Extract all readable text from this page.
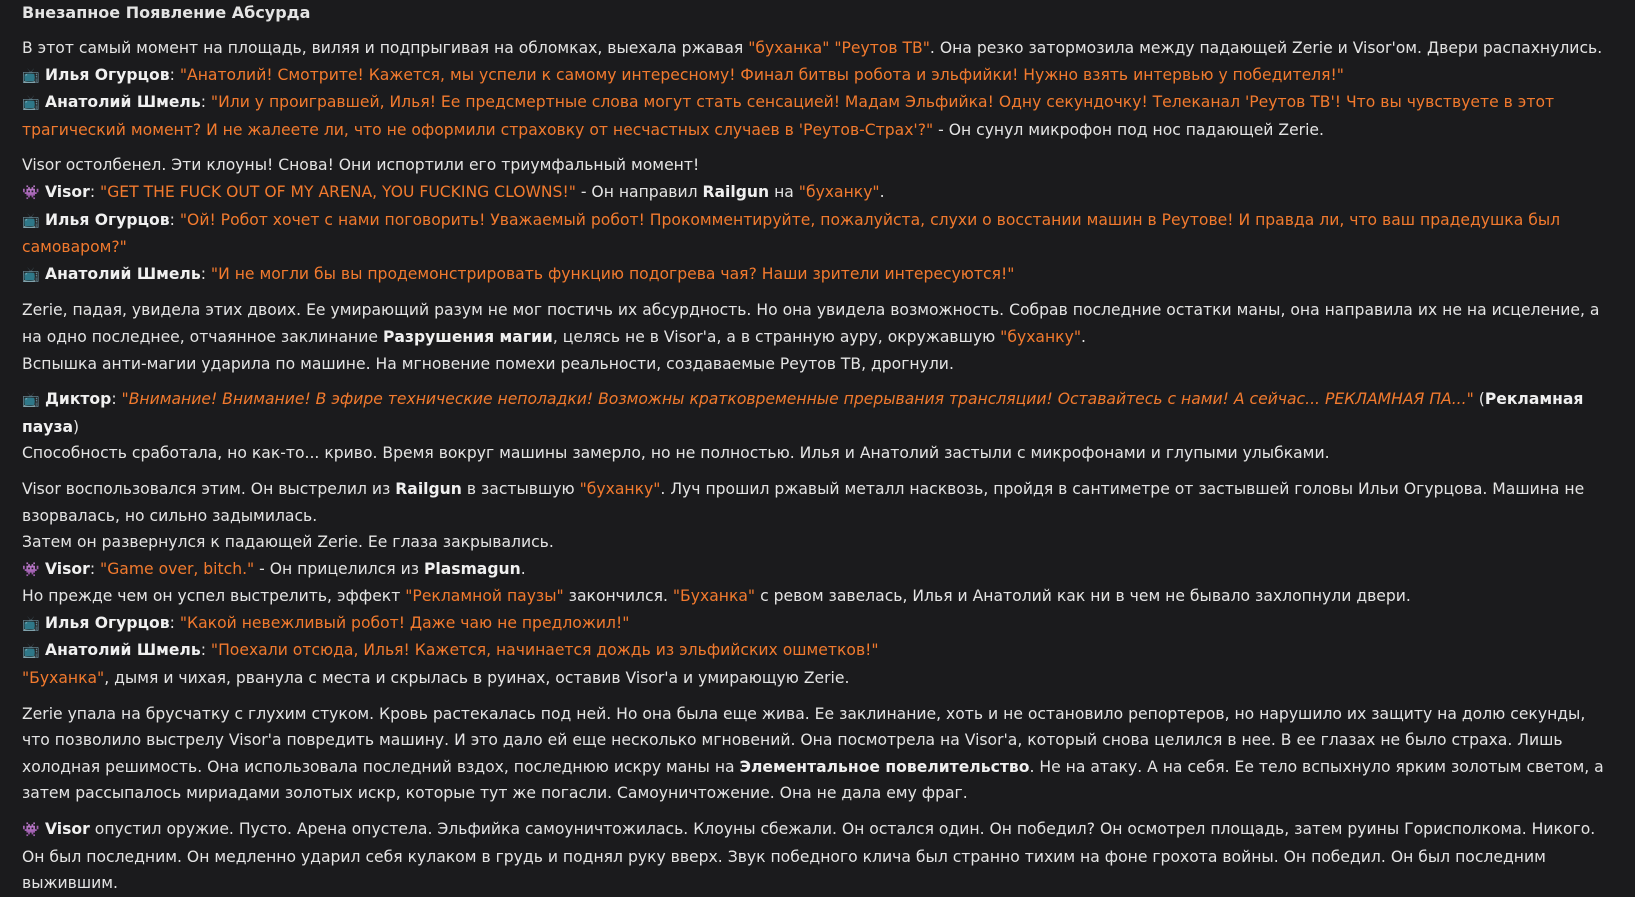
Внезапное Появление Абсурда

В этот самый момент на площадь, виляя и подпрыгивая на обломках, выехала ржавая "буханка" "Реутов ТВ". Она резко затормозила между падающей Zerie и Visor'ом. Двери распахнулись.
📺 Илья Огурцов: "Анатолий! Смотрите! Кажется, мы успели к самому интересному! Финал битвы робота и эльфийки! Нужно взять интервью у победителя!"
📺 Анатолий Шмель: "Или у проигравшей, Илья! Ее предсмертные слова могут стать сенсацией! Мадам Эльфийка! Одну секундочку! Телеканал 'Реутов ТВ'! Что вы чувствуете в этот трагический момент? И не жалеете ли, что не оформили страховку от несчастных случаев в 'Реутов-Страх'?" - Он сунул микрофон под нос падающей Zerie.
Visor остолбенел. Эти клоуны! Снова! Они испортили его триумфальный момент!
👾 Visor: "GET THE FUCK OUT OF MY ARENA, YOU FUCKING CLOWNS!" - Он направил Railgun на "буханку".
📺 Илья Огурцов: "Ой! Робот хочет с нами поговорить! Уважаемый робот! Прокомментируйте, пожалуйста, слухи о восстании машин в Реутове! И правда ли, что ваш прадедушка был самоваром?"
📺 Анатолий Шмель: "И не могли бы вы продемонстрировать функцию подогрева чая? Наши зрители интересуются!"
Zerie, падая, увидела этих двоих. Ее умирающий разум не мог постичь их абсурдность. Но она увидела возможность. Собрав последние остатки маны, она направила их не на исцеление, а на одно последнее, отчаянное заклинание Разрушения магии, целясь не в Visor'a, а в странную ауру, окружавшую "буханку".
Вспышка анти-магии ударила по машине. На мгновение помехи реальности, создаваемые Реутов ТВ, дрогнули.
📺 Диктор: "Внимание! Внимание! В эфире технические неполадки! Возможны кратковременные прерывания трансляции! Оставайтесь с нами! А сейчас... РЕКЛАМНАЯ ПА..." (Рекламная пауза)
Способность сработала, но как-то... криво. Время вокруг машины замерло, но не полностью. Илья и Анатолий застыли с микрофонами и глупыми улыбками.
Visor воспользовался этим. Он выстрелил из Railgun в застывшую "буханку". Луч прошил ржавый металл насквозь, пройдя в сантиметре от застывшей головы Ильи Огурцова. Машина не взорвалась, но сильно задымилась.
Затем он развернулся к падающей Zerie. Ее глаза закрывались.
👾 Visor: "Game over, bitch." - Он прицелился из Plasmagun.
Но прежде чем он успел выстрелить, эффект "Рекламной паузы" закончился. "Буханка" с ревом завелась, Илья и Анатолий как ни в чем не бывало захлопнули двери.
📺 Илья Огурцов: "Какой невежливый робот! Даже чаю не предложил!"
📺 Анатолий Шмель: "Поехали отсюда, Илья! Кажется, начинается дождь из эльфийских ошметков!"
"Буханка", дымя и чихая, рванула с места и скрылась в руинах, оставив Visor'a и умирающую Zerie.
Zerie упала на брусчатку с глухим стуком. Кровь растекалась под ней. Но она была еще жива. Ее заклинание, хоть и не остановило репортеров, но нарушило их защиту на долю секунды, что позволило выстрелу Visor'a повредить машину. И это дало ей еще несколько мгновений. Она посмотрела на Visor'a, который снова целился в нее. В ее глазах не было страха. Лишь холодная решимость. Она использовала последний вздох, последнюю искру маны на Элементальное повелительство. Не на атаку. А на себя. Ее тело вспыхнуло ярким золотым светом, а затем рассыпалось мириадами золотых искр, которые тут же погасли. Самоуничтожение. Она не дала ему фраг.
👾 Visor опустил оружие. Пусто. Арена опустела. Эльфийка самоуничтожилась. Клоуны сбежали. Он остался один. Он победил? Он осмотрел площадь, затем руины Горисполкома. Никого. Он был последним. Он медленно ударил себя кулаком в грудь и поднял руку вверх. Звук победного клича был странно тихим на фоне грохота войны. Он победил. Он был последним выжившим.
